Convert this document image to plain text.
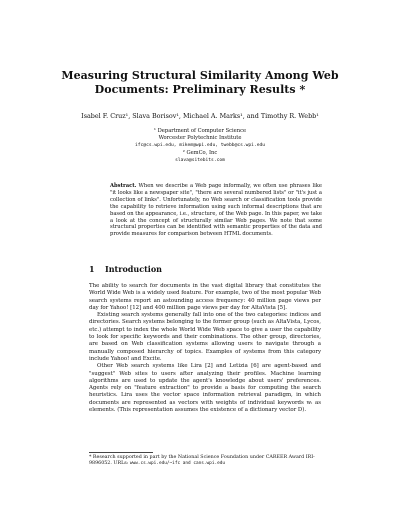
Measuring Structural Similarity Among Web
Documents: Preliminary Results *
Isabel F. Cruz¹, Slava Borisov¹, Michael A. Marks¹, and Timothy R. Webb¹
¹ Department of Computer Science
Worcester Polytechnic Institute
ifc@cs.wpi.edu, mikem@wpi.edu, twebb@cs.wpi.edu
² GemCo, Inc
slava@sitebits.com
Abstract. When we describe a Web page informally, we often use phrases like "it looks like a newspaper site", "there are several numbered lists" or "it's just a collection of links". Unfortunately, no Web search or classification tools provide the capability to retrieve information using such informal descriptions that are based on the appearance, i.e., structure, of the Web page. In this paper, we take a look at the concept of structurally similar Web pages. We note that some structural properties can be identified with semantic properties of the data and provide measures for comparison between HTML documents.
1 Introduction

The ability to search for documents in the vast digital library that constitutes the World Wide Web is a widely used feature. For example, two of the most popular Web search systems report an astounding access frequency: 40 million page views per day for Yahoo! [12] and 400 million page views per day for AltaVista [5].

Existing search systems generally fall into one of the two categories: indices and directories. Search systems belonging to the former group (such as AltaVista, Lycos, etc.) attempt to index the whole World Wide Web space to give a user the capability to look for specific keywords and their combinations. The other group, directories, are based on Web classification systems allowing users to navigate through a manually composed hierarchy of topics. Examples of systems from this category include Yahoo! and Excite.

Other Web search systems like Lira [2] and Letizia [6] are agent-based and "suggest" Web sites to users after analyzing their profiles. Machine learning algorithms are used to update the agent's knowledge about users' preferences. Agents rely on "feature extraction" to provide a basis for computing the search heuristics. Lira uses the vector space information retrieval paradigm, in which documents are represented as vectors with weights of individual keywords wᵢ as elements. (This representation assumes the existence of a dictionary vector D).

* Research supported in part by the National Science Foundation under CAREER Award IRI-9896052. URLs: www.cs.wpi.edu/~ifc and cans.wpi.edu
